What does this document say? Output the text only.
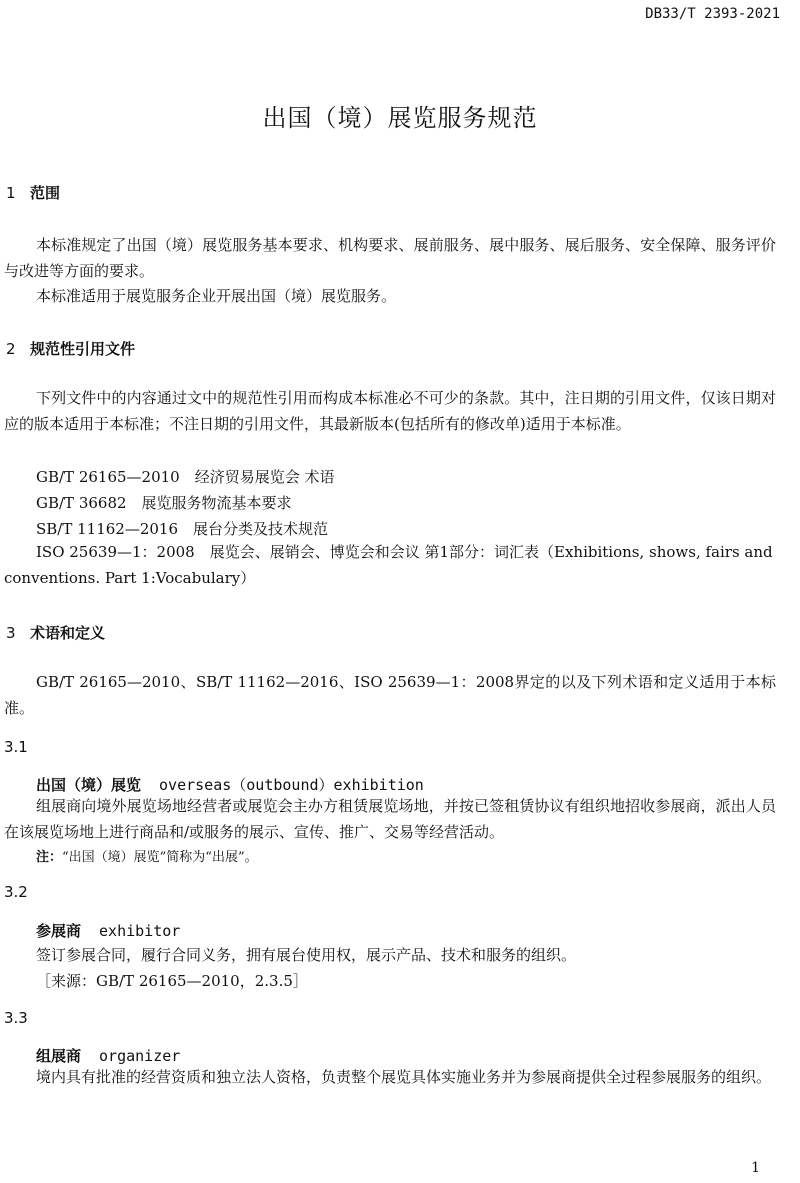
DB33/T 2393-2021
出国（境）展览服务规范
1 范围
本标准规定了出国（境）展览服务基本要求、机构要求、展前服务、展中服务、展后服务、安全保障、服务评价与改进等方面的要求。
本标准适用于展览服务企业开展出国（境）展览服务。
2 规范性引用文件
下列文件中的内容通过文中的规范性引用而构成本标准必不可少的条款。其中，注日期的引用文件，仅该日期对应的版本适用于本标准；不注日期的引用文件，其最新版本(包括所有的修改单)适用于本标准。
GB/T 26165—2010　经济贸易展览会 术语
GB/T 36682　展览服务物流基本要求
SB/T 11162—2016　展台分类及技术规范
ISO 25639—1：2008　展览会、展销会、博览会和会议 第1部分：词汇表（Exhibitions, shows, fairs and conventions. Part 1:Vocabulary）
3 术语和定义
GB/T 26165—2010、SB/T 11162—2016、ISO 25639—1：2008界定的以及下列术语和定义适用于本标准。
3.1
出国（境）展览 overseas（outbound）exhibition
组展商向境外展览场地经营者或展览会主办方租赁展览场地，并按已签租赁协议有组织地招收参展商，派出人员在该展览场地上进行商品和/或服务的展示、宣传、推广、交易等经营活动。
注：“出国（境）展览”简称为“出展”。
3.2
参展商 exhibitor
签订参展合同，履行合同义务，拥有展台使用权，展示产品、技术和服务的组织。
［来源：GB/T 26165—2010，2.3.5］
3.3
组展商 organizer
境内具有批准的经营资质和独立法人资格，负责整个展览具体实施业务并为参展商提供全过程参展服务的组织。
1
